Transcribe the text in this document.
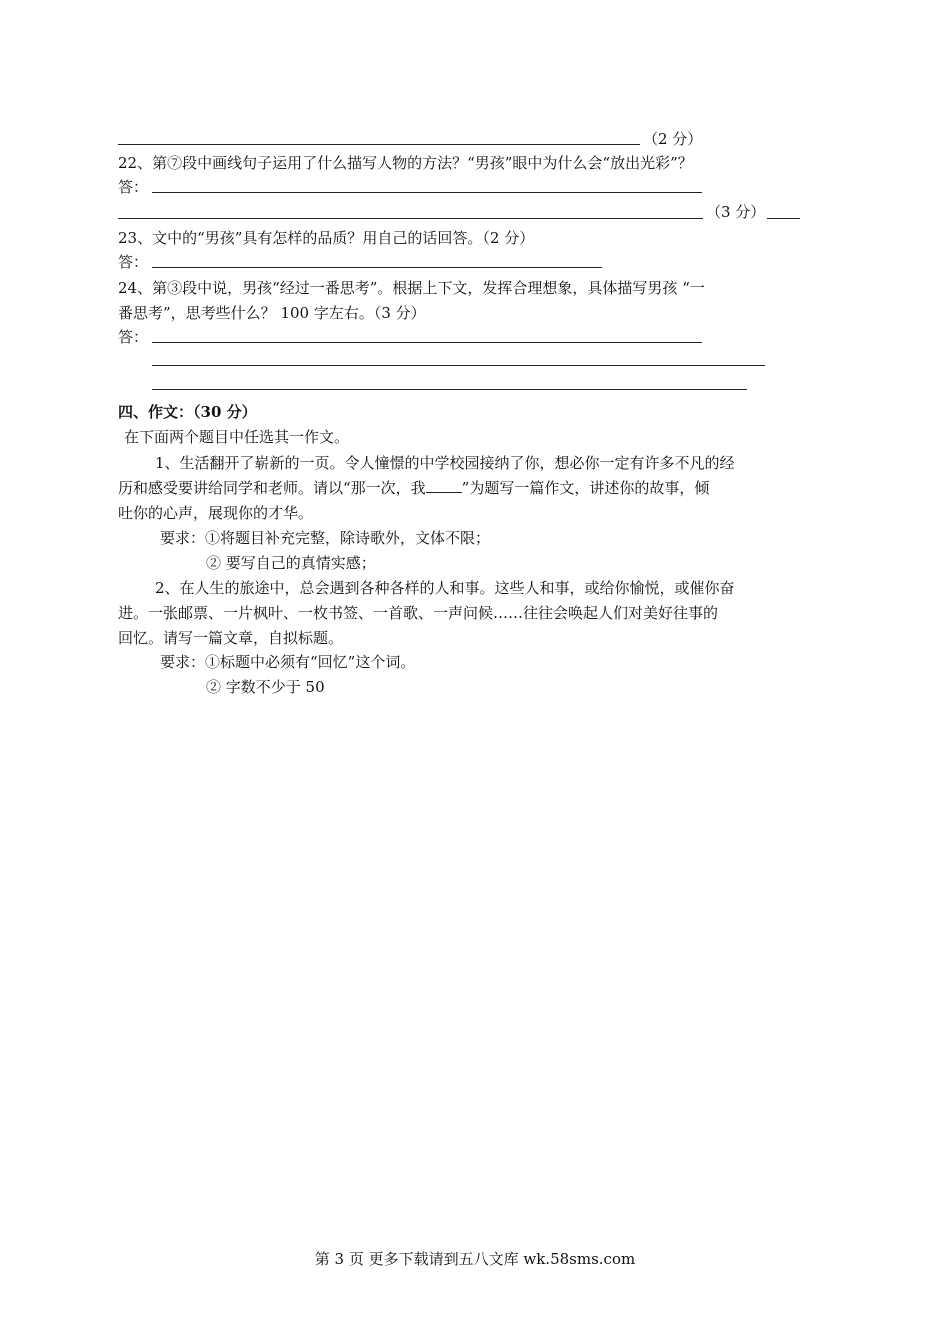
（2 分）
22、第⑦段中画线句子运用了什么描写人物的方法？“男孩”眼中为什么会“放出光彩”？
答：
（3 分）
23、文中的“男孩”具有怎样的品质？用自己的话回答。（2 分）
答：
24、第③段中说，男孩“经过一番思考”。根据上下文，发挥合理想象，具体描写男孩 “一
番思考”，思考些什么？ 100 字左右。（3 分）
答：
四、作文：（30 分）
在下面两个题目中任选其一作文。
1、生活翻开了崭新的一页。令人憧憬的中学校园接纳了你，想必你一定有许多不凡的经
历和感受要讲给同学和老师。请以“那一次，我 ”为题写一篇作文，讲述你的故事，倾
吐你的心声，展现你的才华。
要求：①将题目补充完整，除诗歌外，文体不限；
② 要写自己的真情实感；
2、在人生的旅途中，总会遇到各种各样的人和事。这些人和事，或给你愉悦，或催你奋
进。一张邮票、一片枫叶、一枚书签、一首歌、一声问候……往往会唤起人们对美好往事的
回忆。请写一篇文章，自拟标题。
要求：①标题中必须有“回忆”这个词。
② 字数不少于 50
第 3 页 更多下载请到五八文库 wk.58sms.com
